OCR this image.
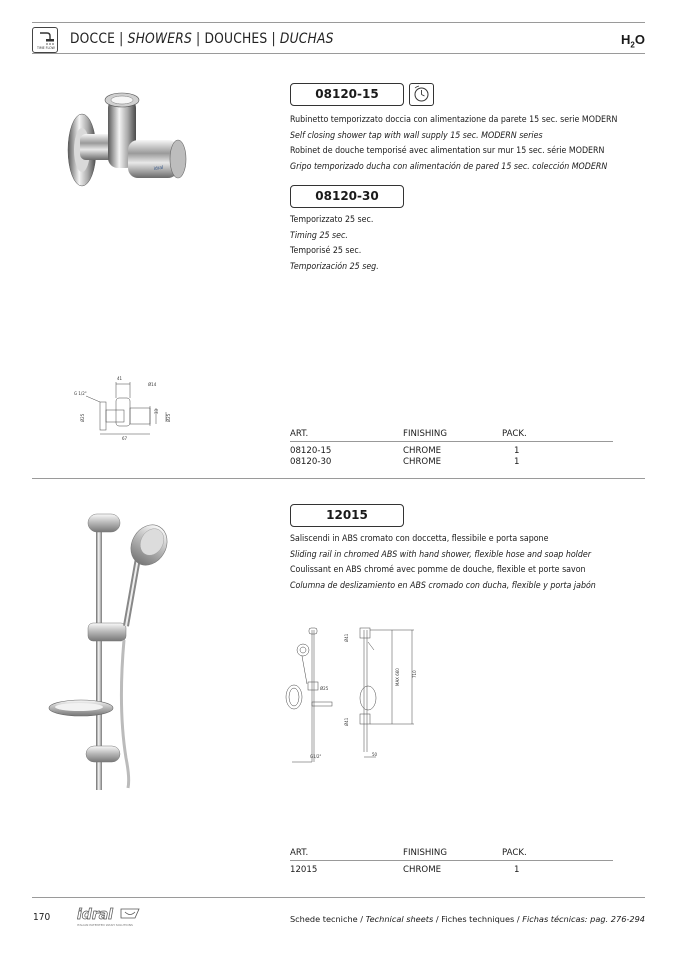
TIME FLOW
DOCCE | SHOWERS | DOUCHES | DUCHAS	$H_2O$
idral
08120-15
Rubinetto temporizzato doccia con alimentazione da parete 15 sec. serie MODERN
Self closing shower tap with wall supply 15 sec. MODERN series
Robinet de douche temporisé avec alimentation sur mur 15 sec. série MODERN
Gripo temporizado ducha con alimentación de pared 15 sec. colección MODERN
08120-30
Temporizzato 25 sec.
Timing 25 sec.
Temporisé 25 sec.
Temporización 25 seg.
41
Ø14
G 1/2"
Ø25
33
Ø25
67	ART.	FINISHING	PACK.
08120-15	CHROME	1
08120-30	CHROME	1
12015
Saliscendi in ABS cromato con doccetta, flessibile e porta sapone
Sliding rail in chromed ABS with hand shower, flexible hose and soap holder
Coulissant en ABS chromé avec pomme de douche, flexible et porte savon
Columna de deslizamiento en ABS cromado con ducha, flexible y porta jabón
Ø25
G1/2"
Ø41
Ø41
MAX 660	710
50
ART.	FINISHING	PACK.
12015	CHROME	1
170 idral
ITALIAN PATENTED WASH SOLUTIONS
Schede tecniche / Technical sheets / Fiches techniques / Fichas técnicas: pag. 276-294
